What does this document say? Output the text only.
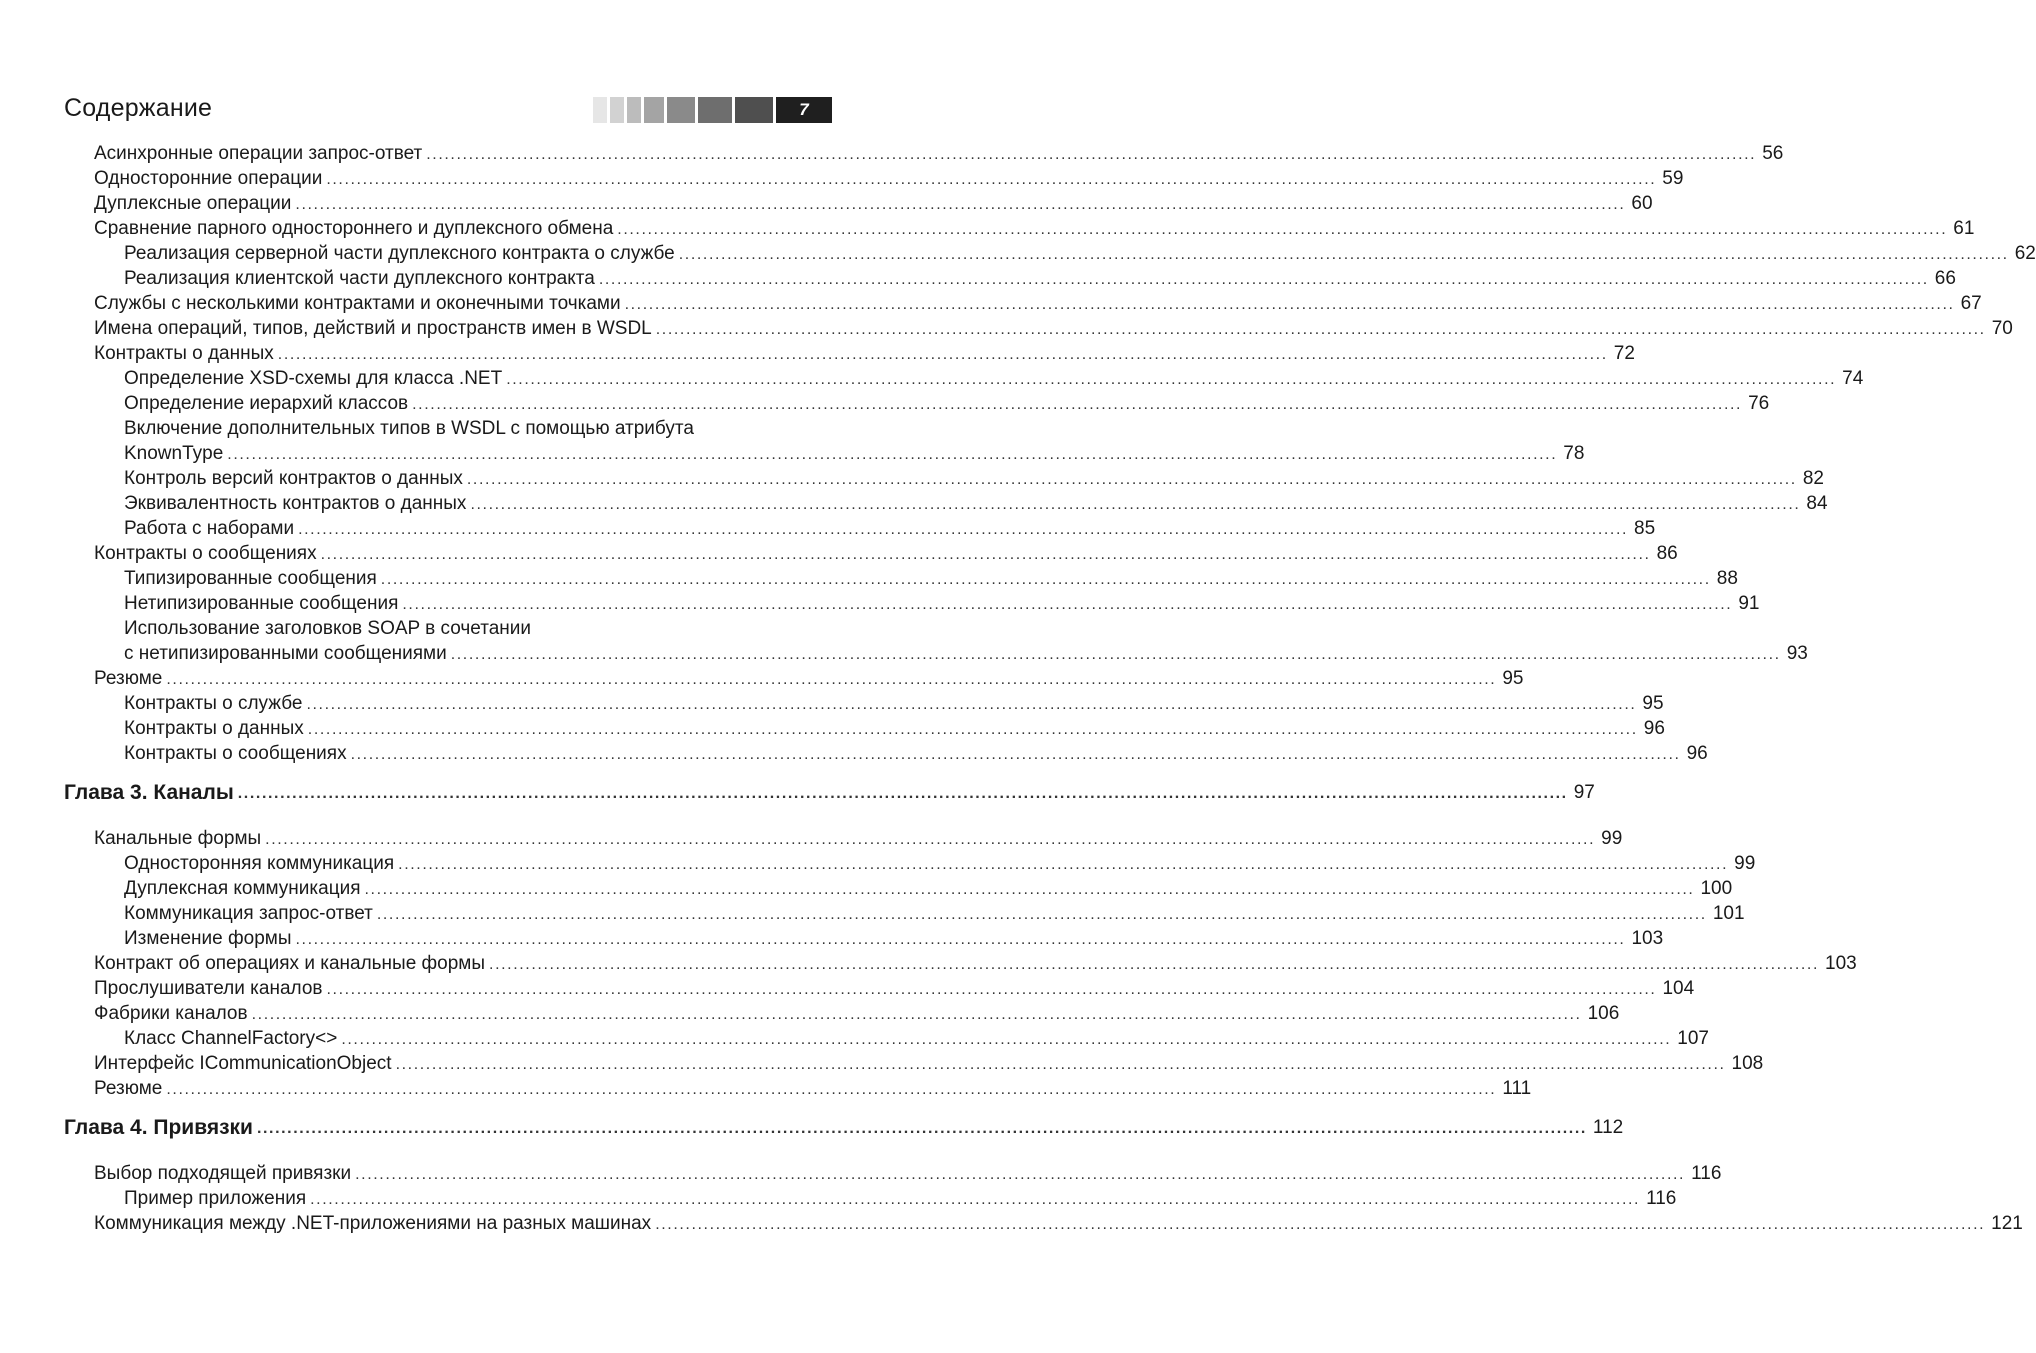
Содержание	7
Асинхронные операции запрос-ответ ............................................................................................................................................................................................................................ 56
Односторонние операции ............................................................................................................................................................................................................................ 59
Дуплексные операции ............................................................................................................................................................................................................................ 60
Сравнение парного одностороннего и дуплексного обмена ............................................................................................................................................................................................................................ 61
Реализация серверной части дуплексного контракта о службе ............................................................................................................................................................................................................................ 62
Реализация клиентской части дуплексного контракта ............................................................................................................................................................................................................................ 66
Службы с несколькими контрактами и оконечными точками ............................................................................................................................................................................................................................ 67
Имена операций, типов, действий и пространств имен в WSDL ............................................................................................................................................................................................................................ 70
Контракты о данных ............................................................................................................................................................................................................................ 72
Определение XSD-схемы для класса .NET ............................................................................................................................................................................................................................ 74
Определение иерархий классов ............................................................................................................................................................................................................................ 76
Включение дополнительных типов в WSDL с помощью атрибута
KnownType ............................................................................................................................................................................................................................ 78
Контроль версий контрактов о данных ............................................................................................................................................................................................................................ 82
Эквивалентность контрактов о данных ............................................................................................................................................................................................................................ 84
Работа с наборами ............................................................................................................................................................................................................................ 85
Контракты о сообщениях ............................................................................................................................................................................................................................ 86
Типизированные сообщения ............................................................................................................................................................................................................................ 88
Нетипизированные сообщения ............................................................................................................................................................................................................................ 91
Использование заголовков SOAP в сочетании
с нетипизированными сообщениями ............................................................................................................................................................................................................................ 93
Резюме ............................................................................................................................................................................................................................ 95
Контракты о службе ............................................................................................................................................................................................................................ 95
Контракты о данных ............................................................................................................................................................................................................................ 96
Контракты о сообщениях ............................................................................................................................................................................................................................ 96
Глава 3. Каналы ............................................................................................................................................................................................................................ 97
Канальные формы ............................................................................................................................................................................................................................ 99
Односторонняя коммуникация ............................................................................................................................................................................................................................ 99
Дуплексная коммуникация ............................................................................................................................................................................................................................ 100
Коммуникация запрос-ответ ............................................................................................................................................................................................................................ 101
Изменение формы ............................................................................................................................................................................................................................ 103
Контракт об операциях и канальные формы ............................................................................................................................................................................................................................ 103
Прослушиватели каналов ............................................................................................................................................................................................................................ 104
Фабрики каналов ............................................................................................................................................................................................................................ 106
Класс ChannelFactory<> ............................................................................................................................................................................................................................ 107
Интерфейс ICommunicationObject ............................................................................................................................................................................................................................ 108
Резюме ............................................................................................................................................................................................................................ 111
Глава 4. Привязки ............................................................................................................................................................................................................................ 112
Выбор подходящей привязки ............................................................................................................................................................................................................................ 116
Пример приложения ............................................................................................................................................................................................................................ 116
Коммуникация между .NET-приложениями на разных машинах ............................................................................................................................................................................................................................ 121
